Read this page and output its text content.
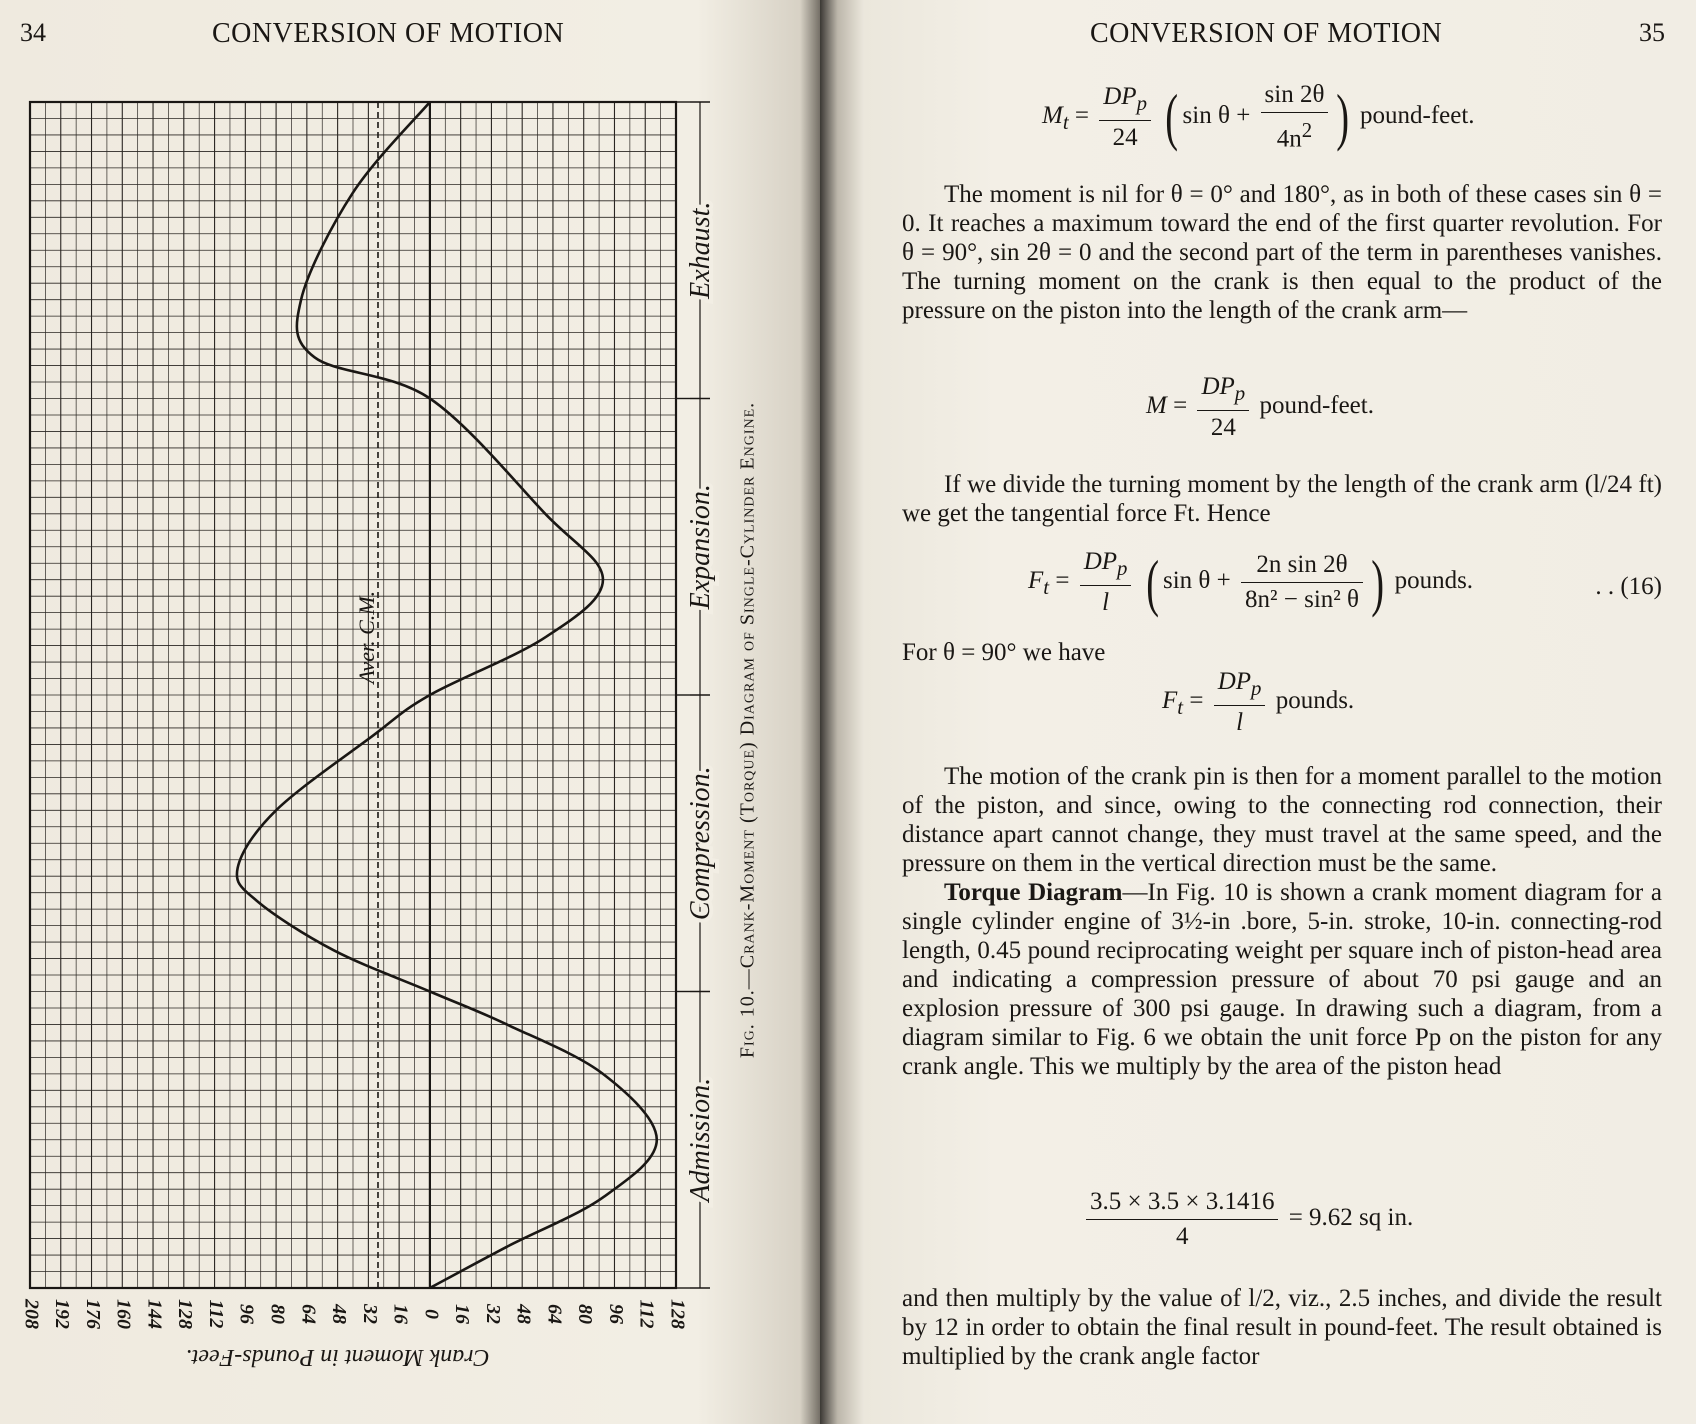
34	CONVERSION OF MOTION
Aver. C.M.
Admission.
Compression.
Expansion.
Exhaust.
208 192 176 160 144 128 112 96 80 64 48 32 16 0 16 32 48 64 80 96 112 128
Crank Moment in Pounds-Feet.
Fig. 10.—Crank-Moment (Torque) Diagram of Single-Cylinder Engine.
CONVERSION OF MOTION	35
$M_t = \frac{DP_p}{24}$ ( $\sin \theta + \frac{\sin 2\theta}{4n^2}$ ) pound-feet.

The moment is nil for θ = 0° and 180°, as in both of these cases sin θ = 0. It reaches a maximum toward the end of the first quarter revolution. For θ = 90°, sin 2θ = 0 and the second part of the term in parentheses vanishes. The turning moment on the crank is then equal to the product of the pressure on the piston into the length of the crank arm—

$M = \frac{DP_p}{24}$ pound-feet.

If we divide the turning moment by the length of the crank arm (l/24 ft) we get the tangential force Ft. Hence

$F_t = \frac{DP_p}{l}$ ( $\sin \theta + \frac{\text{2n sin 2θ}}{\text{8n² − sin² θ}}$ ) pounds.	. . (16)

For θ = 90° we have

$F_t = \frac{DP_p}{l}$ pounds.

The motion of the crank pin is then for a moment parallel to the motion of the piston, and since, owing to the connecting rod connection, their distance apart cannot change, they must travel at the same speed, and the pressure on them in the vertical direction must be the same.

Torque Diagram—In Fig. 10 is shown a crank moment diagram for a single cylinder engine of 3½-in .bore, 5-in. stroke, 10-in. connecting-rod length, 0.45 pound reciprocating weight per square inch of piston-head area and indicating a compression pressure of about 70 psi gauge and an explosion pressure of 300 psi gauge. In drawing such a diagram, from a diagram similar to Fig. 6 we obtain the unit force Pp on the piston for any crank angle. This we multiply by the area of the piston head

$\frac{3.5 \times 3.5 \times 3.1416}{4} = 9.62$ sq in.

and then multiply by the value of l/2, viz., 2.5 inches, and divide the result by 12 in order to obtain the final result in pound-feet. The result obtained is multiplied by the crank angle factor
